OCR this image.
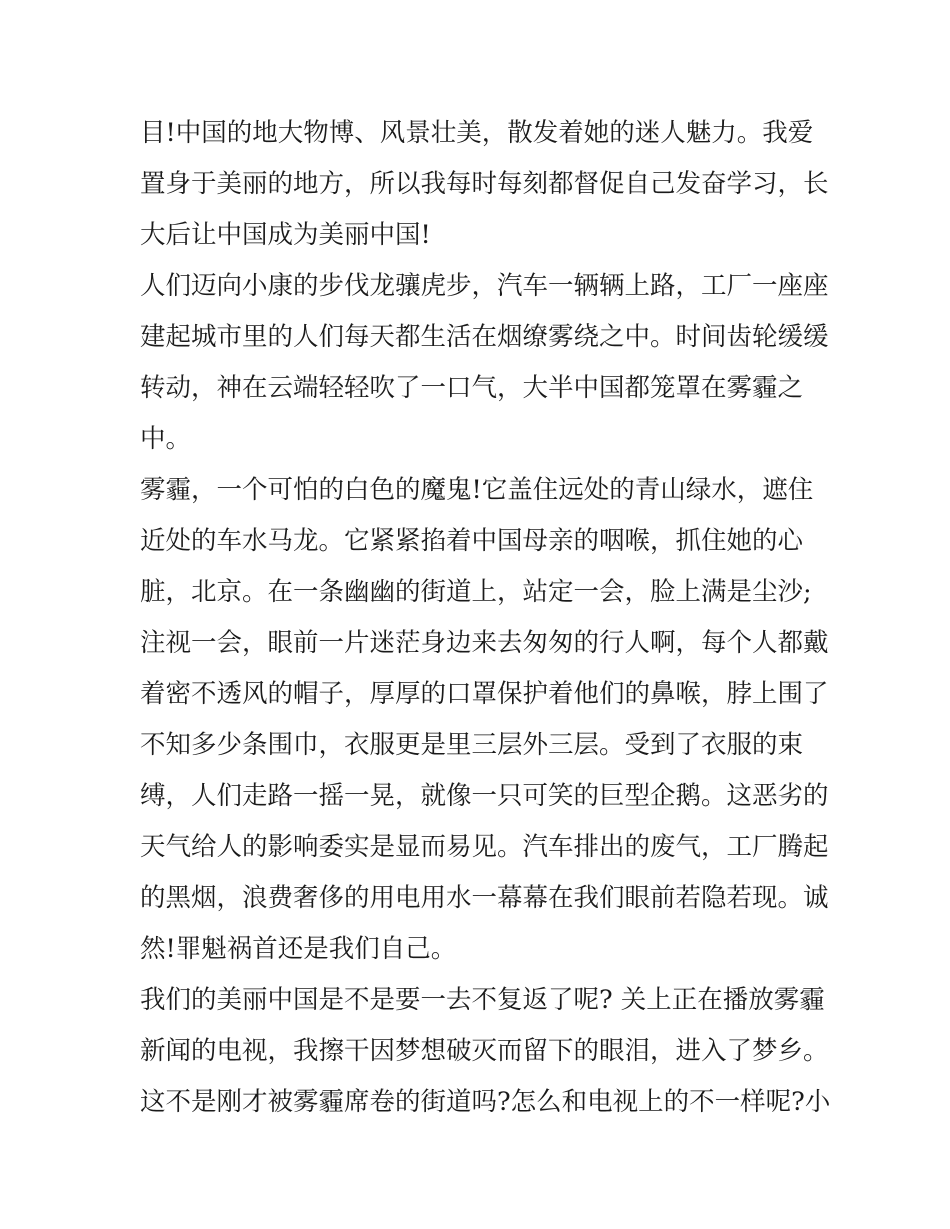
目!中国的地大物博、风景壮美，散发着她的迷人魅力。我爱
置身于美丽的地方，所以我每时每刻都督促自己发奋学习，长
大后让中国成为美丽中国!
人们迈向小康的步伐龙骧虎步，汽车一辆辆上路，工厂一座座
建起城市里的人们每天都生活在烟缭雾绕之中。时间齿轮缓缓
转动，神在云端轻轻吹了一口气，大半中国都笼罩在雾霾之
中。
雾霾，一个可怕的白色的魔鬼!它盖住远处的青山绿水，遮住
近处的车水马龙。它紧紧掐着中国母亲的咽喉，抓住她的心
脏，北京。在一条幽幽的街道上，站定一会，脸上满是尘沙;
注视一会，眼前一片迷茫身边来去匆匆的行人啊，每个人都戴
着密不透风的帽子，厚厚的口罩保护着他们的鼻喉，脖上围了
不知多少条围巾，衣服更是里三层外三层。受到了衣服的束
缚，人们走路一摇一晃，就像一只可笑的巨型企鹅。这恶劣的
天气给人的影响委实是显而易见。汽车排出的废气，工厂腾起
的黑烟，浪费奢侈的用电用水一幕幕在我们眼前若隐若现。诚
然!罪魁祸首还是我们自己。
我们的美丽中国是不是要一去不复返了呢? 关上正在播放雾霾
新闻的电视，我擦干因梦想破灭而留下的眼泪，进入了梦乡。
这不是刚才被雾霾席卷的街道吗?怎么和电视上的不一样呢?小
